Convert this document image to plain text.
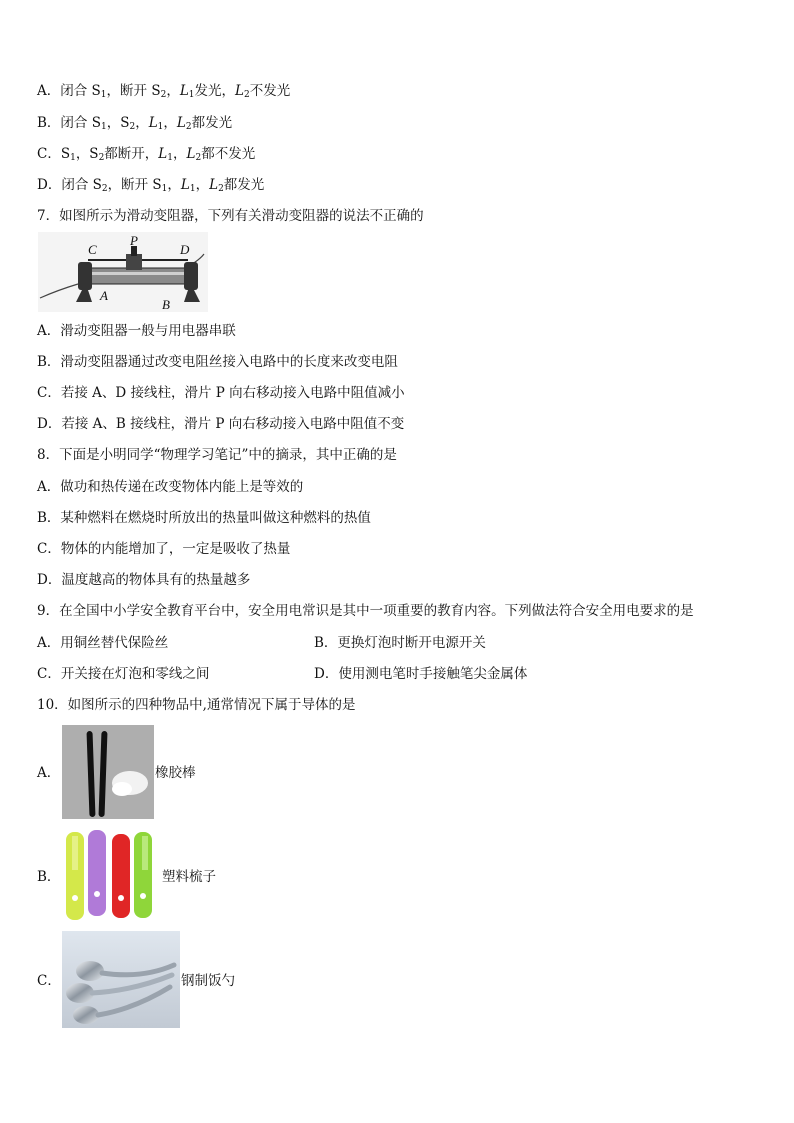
A．闭合 $S_1$，断开 $S_2$，$L_1$发光，$L_2$不发光
B．闭合 $S_1$，$S_2$，$L_1$，$L_2$都发光
C．$S_1$，$S_2$都断开，$L_1$，$L_2$都不发光
D．闭合 $S_2$，断开 $S_1$，$L_1$，$L_2$都发光
7．如图所示为滑动变阻器，下列有关滑动变阻器的说法不正确的
C
P
D
A
B
A．滑动变阻器一般与用电器串联
B．滑动变阻器通过改变电阻丝接入电路中的长度来改变电阻
C．若接 A、D 接线柱，滑片 P 向右移动接入电路中阻值减小
D．若接 A、B 接线柱，滑片 P 向右移动接入电路中阻值不变
8．下面是小明同学“物理学习笔记”中的摘录，其中正确的是
A．做功和热传递在改变物体内能上是等效的
B．某种燃料在燃烧时所放出的热量叫做这种燃料的热值
C．物体的内能增加了，一定是吸收了热量
D．温度越高的物体具有的热量越多
9．在全国中小学安全教育平台中，安全用电常识是其中一项重要的教育内容。下列做法符合安全用电要求的是
A．用铜丝替代保险丝	B．更换灯泡时断开电源开关
C．开关接在灯泡和零线之间	D．使用测电笔时手接触笔尖金属体
10．如图所示的四种物品中,通常情况下属于导体的是
A．	橡胶棒
B．	塑料梳子
C．	钢制饭勺
